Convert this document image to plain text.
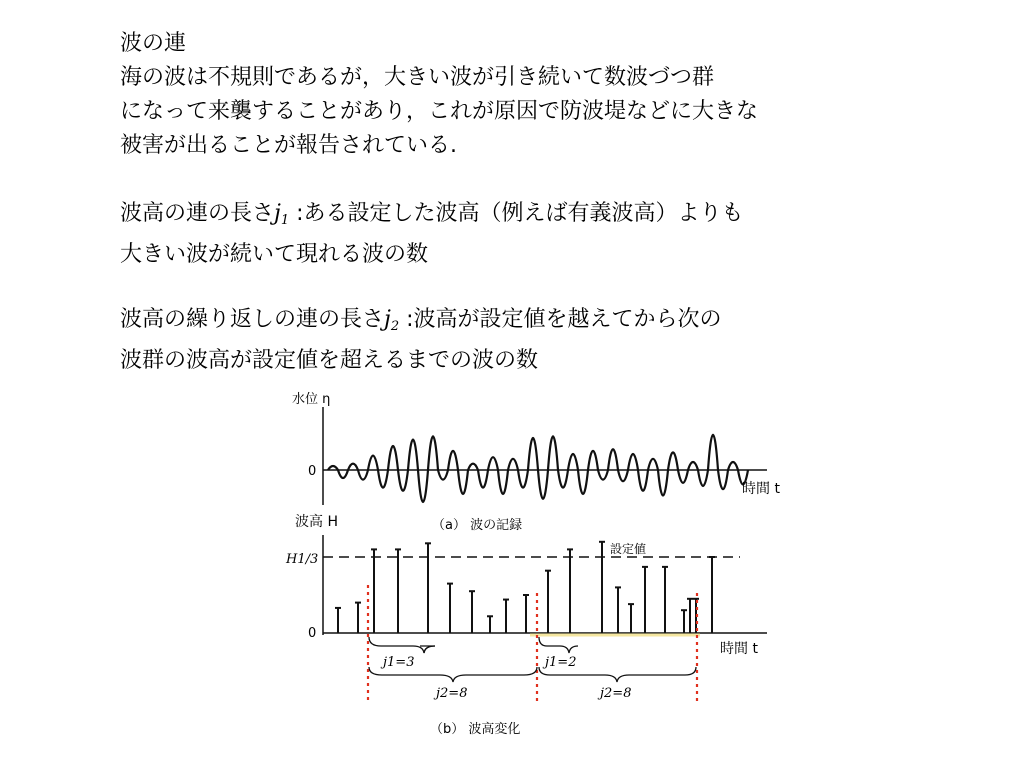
波の連
海の波は不規則であるが，大きい波が引き続いて数波づつ群
になって来襲することがあり，これが原因で防波堤などに大きな
被害が出ることが報告されている.
波高の連の長さ$j_1$ :ある設定した波高（例えば有義波高）よりも
大きい波が続いて現れる波の数
波高の繰り返しの連の長さ$j_2$ :波高が設定値を越えてから次の
波群の波高が設定値を超えるまでの波の数
水位 η
0
時間 t
（a） 波の記録
波高 H
H1/3
設定値
0
時間 t
j1=3	j1=2
j2=8	j2=8
（b） 波高変化
